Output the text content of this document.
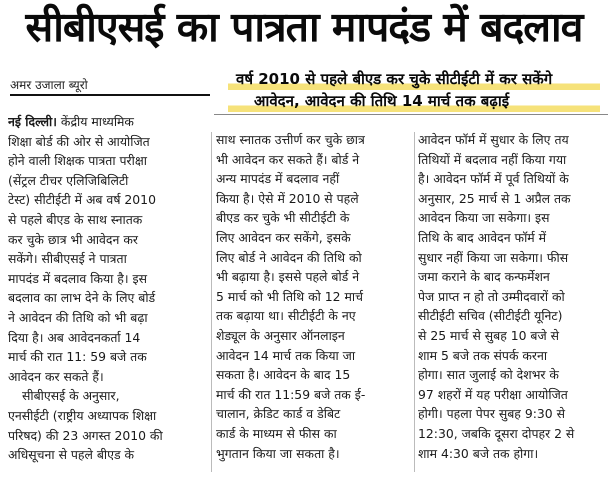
सीबीएसई का पात्रता मापदंड में बदलाव
अमर उजाला ब्यूरो	वर्ष 2010 से पहले बीएड कर चुके सीटीईटी में कर सकेंगे
आवेदन, आवेदन की तिथि 14 मार्च तक बढ़ाई
नई दिल्ली। केंद्रीय माध्यमिक
शिक्षा बोर्ड की ओर से आयोजित
होने वाली शिक्षक पात्रता परीक्षा
(सेंट्रल टीचर एलिजिबिलिटी
टेस्ट) सीटीईटी में अब वर्ष 2010
से पहले बीएड के साथ स्नातक
कर चुके छात्र भी आवेदन कर
सकेंगे। सीबीएसई ने पात्रता
मापदंड में बदलाव किया है। इस
बदलाव का लाभ देने के लिए बोर्ड
ने आवेदन की तिथि को भी बढ़ा
दिया है। अब आवेदनकर्ता 14
मार्च की रात 11: 59 बजे तक
आवेदन कर सकते हैं।
सीबीएसई के अनुसार,
एनसीईटी (राष्ट्रीय अध्यापक शिक्षा
परिषद) की 23 अगस्त 2010 की
अधिसूचना से पहले बीएड के
साथ स्नातक उत्तीर्ण कर चुके छात्र
भी आवेदन कर सकते हैं। बोर्ड ने
अन्य मापदंड में बदलाव नहीं
किया है। ऐसे में 2010 से पहले
बीएड कर चुके भी सीटीईटी के
लिए आवेदन कर सकेंगे, इसके
लिए बोर्ड ने आवेदन की तिथि को
भी बढ़ाया है। इससे पहले बोर्ड ने
5 मार्च को भी तिथि को 12 मार्च
तक बढ़ाया था। सीटीईटी के नए
शेड्यूल के अनुसार ऑनलाइन
आवेदन 14 मार्च तक किया जा
सकता है। आवेदन के बाद 15
मार्च की रात 11:59 बजे तक ई-
चालान, क्रेडिट कार्ड व डेबिट
कार्ड के माध्यम से फीस का
भुगतान किया जा सकता है।
आवेदन फॉर्म में सुधार के लिए तय
तिथियों में बदलाव नहीं किया गया
है। आवेदन फॉर्म में पूर्व तिथियों के
अनुसार, 25 मार्च से 1 अप्रैल तक
आवेदन किया जा सकेगा। इस
तिथि के बाद आवेदन फॉर्म में
सुधार नहीं किया जा सकेगा। फीस
जमा कराने के बाद कन्फर्मेशन
पेज प्राप्त न हो तो उम्मीदवारों को
सीटीईटी सचिव (सीटीईटी यूनिट)
से 25 मार्च से सुबह 10 बजे से
शाम 5 बजे तक संपर्क करना
होगा। सात जुलाई को देशभर के
97 शहरों में यह परीक्षा आयोजित
होगी। पहला पेपर सुबह 9:30 से
12:30, जबकि दूसरा दोपहर 2 से
शाम 4:30 बजे तक होगा।
